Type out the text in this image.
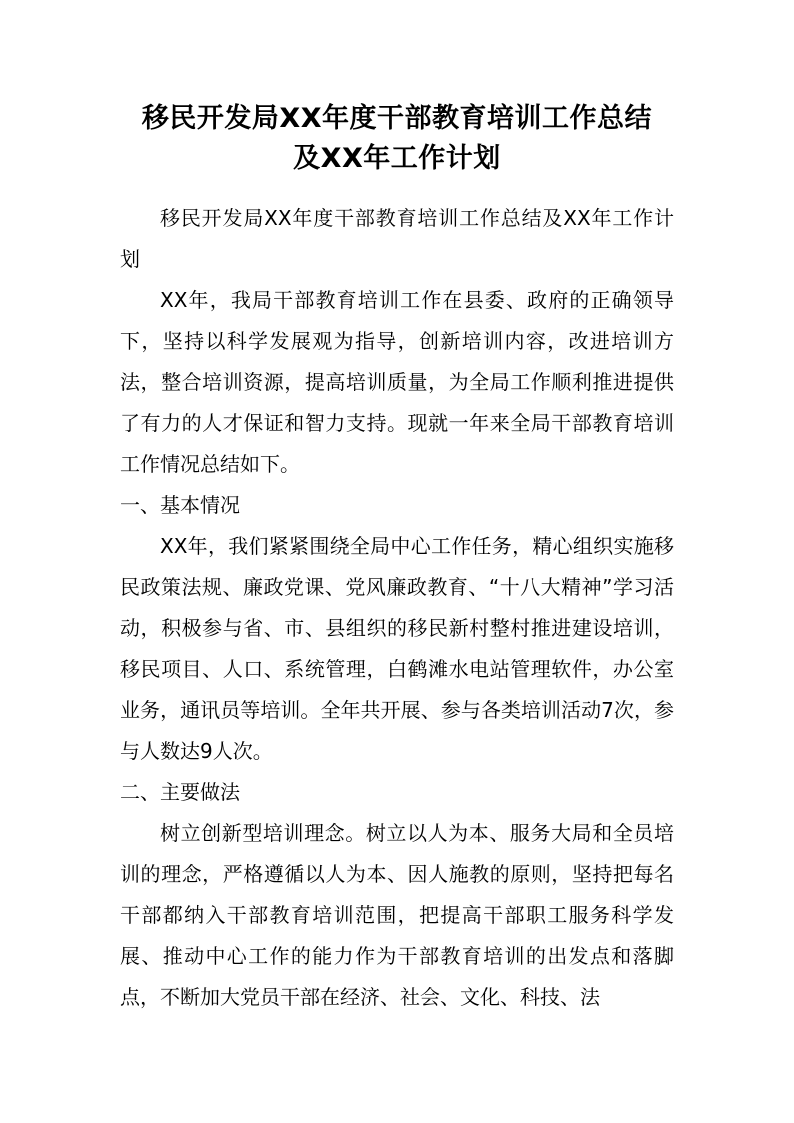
移民开发局XX年度干部教育培训工作总结
及XX年工作计划

移民开发局XX年度干部教育培训工作总结及XX年工作计划

XX年，我局干部教育培训工作在县委、政府的正确领导下，坚持以科学发展观为指导，创新培训内容，改进培训方法，整合培训资源，提高培训质量，为全局工作顺利推进提供了有力的人才保证和智力支持。现就一年来全局干部教育培训工作情况总结如下。

一、基本情况

XX年，我们紧紧围绕全局中心工作任务，精心组织实施移民政策法规、廉政党课、党风廉政教育、“十八大精神”学习活动，积极参与省、市、县组织的移民新村整村推进建设培训，移民项目、人口、系统管理，白鹤滩水电站管理软件，办公室业务，通讯员等培训。全年共开展、参与各类培训活动7次，参与人数达9人次。

二、主要做法

树立创新型培训理念。树立以人为本、服务大局和全员培训的理念，严格遵循以人为本、因人施教的原则，坚持把每名干部都纳入干部教育培训范围，把提高干部职工服务科学发展、推动中心工作的能力作为干部教育培训的出发点和落脚点，不断加大党员干部在经济、社会、文化、科技、法
